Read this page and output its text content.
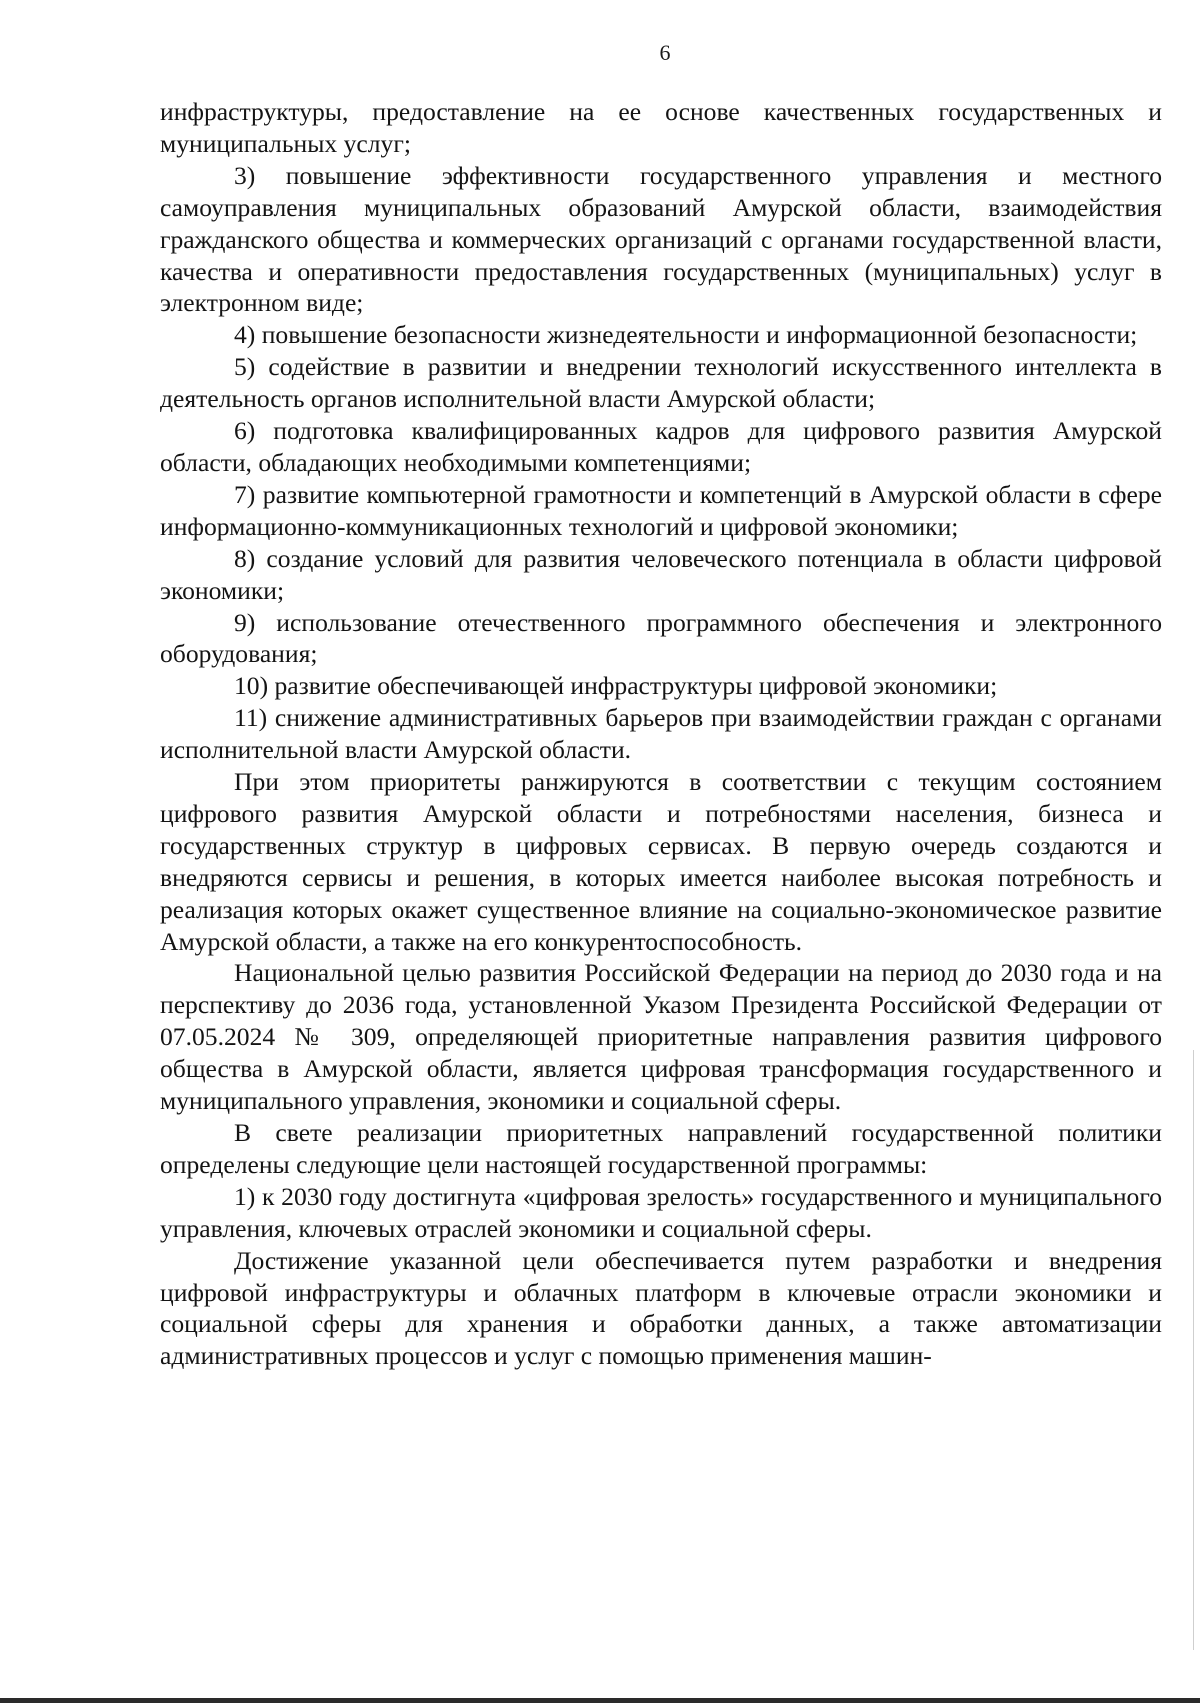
6

инфраструктуры, предоставление на ее основе качественных государственных и муниципальных услуг;

3) повышение эффективности государственного управления и местного самоуправления муниципальных образований Амурской области, взаимодействия гражданского общества и коммерческих организаций с органами государственной власти, качества и оперативности предоставления государственных (муниципальных) услуг в электронном виде;

4) повышение безопасности жизнедеятельности и информационной безопасности;

5) содействие в развитии и внедрении технологий искусственного интеллекта в деятельность органов исполнительной власти Амурской области;

6) подготовка квалифицированных кадров для цифрового развития Амурской области, обладающих необходимыми компетенциями;

7) развитие компьютерной грамотности и компетенций в Амурской области в сфере информационно-коммуникационных технологий и цифровой экономики;

8) создание условий для развития человеческого потенциала в области цифровой экономики;

9) использование отечественного программного обеспечения и электронного оборудования;

10) развитие обеспечивающей инфраструктуры цифровой экономики;

11) снижение административных барьеров при взаимодействии граждан с органами исполнительной власти Амурской области.

При этом приоритеты ранжируются в соответствии с текущим состоянием цифрового развития Амурской области и потребностями населения, бизнеса и государственных структур в цифровых сервисах. В первую очередь создаются и внедряются сервисы и решения, в которых имеется наиболее высокая потребность и реализация которых окажет существенное влияние на социально-экономическое развитие Амурской области, а также на его конкурентоспособность.

Национальной целью развития Российской Федерации на период до 2030 года и на перспективу до 2036 года, установленной Указом Президента Российской Федерации от 07.05.2024 № 309, определяющей приоритетные направления развития цифрового общества в Амурской области, является цифровая трансформация государственного и муниципального управления, экономики и социальной сферы.

В свете реализации приоритетных направлений государственной политики определены следующие цели настоящей государственной программы:

1) к 2030 году достигнута «цифровая зрелость» государственного и муниципального управления, ключевых отраслей экономики и социальной сферы.

Достижение указанной цели обеспечивается путем разработки и внедрения цифровой инфраструктуры и облачных платформ в ключевые отрасли экономики и социальной сферы для хранения и обработки данных, а также автоматизации административных процессов и услуг с помощью применения машин-
